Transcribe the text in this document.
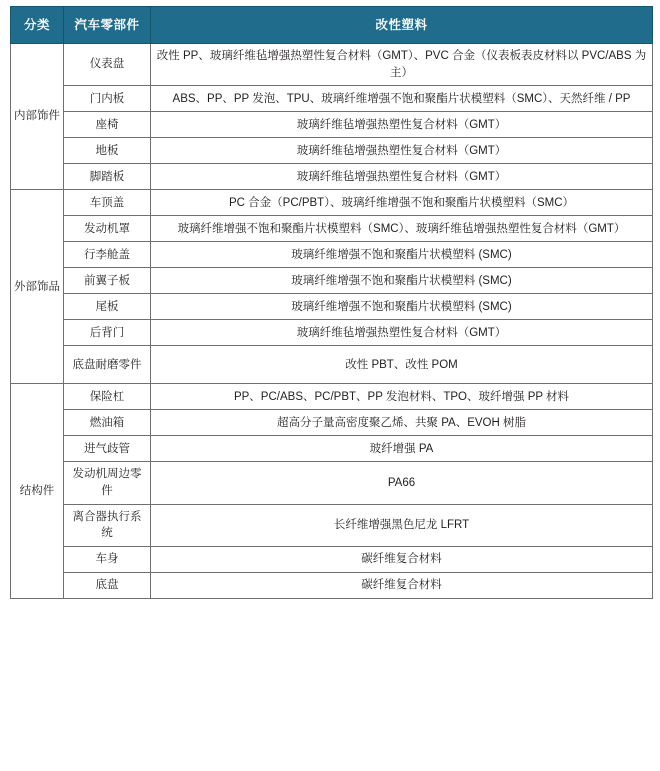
分类	汽车零部件	改性塑料
内部饰件	仪表盘	改性 PP、玻璃纤维毡增强热塑性复合材料（GMT）、PVC 合金（仪表板表皮材料以 PVC/ABS 为主）
	门内板	ABS、PP、PP 发泡、TPU、玻璃纤维增强不饱和聚酯片状模塑料（SMC）、天然纤维 / PP
	座椅	玻璃纤维毡增强热塑性复合材料（GMT）
	地板	玻璃纤维毡增强热塑性复合材料（GMT）
	脚踏板	玻璃纤维毡增强热塑性复合材料（GMT）
外部饰品	车顶盖	PC 合金（PC/PBT）、玻璃纤维增强不饱和聚酯片状模塑料（SMC）
	发动机罩	玻璃纤维增强不饱和聚酯片状模塑料（SMC）、玻璃纤维毡增强热塑性复合材料（GMT）
	行李舱盖	玻璃纤维增强不饱和聚酯片状模塑料 (SMC)
	前翼子板	玻璃纤维增强不饱和聚酯片状模塑料 (SMC)
	尾板	玻璃纤维增强不饱和聚酯片状模塑料 (SMC)
	后背门	玻璃纤维毡增强热塑性复合材料（GMT）
	底盘耐磨零件	改性 PBT、改性 POM
结构件	保险杠	PP、PC/ABS、PC/PBT、PP 发泡材料、TPO、玻纤增强 PP 材料
	燃油箱	超高分子量高密度聚乙烯、共聚 PA、EVOH 树脂
	进气歧管	玻纤增强 PA
	发动机周边零件	PA66
	离合器执行系统	长纤维增强黑色尼龙 LFRT
	车身	碳纤维复合材料
	底盘	碳纤维复合材料
